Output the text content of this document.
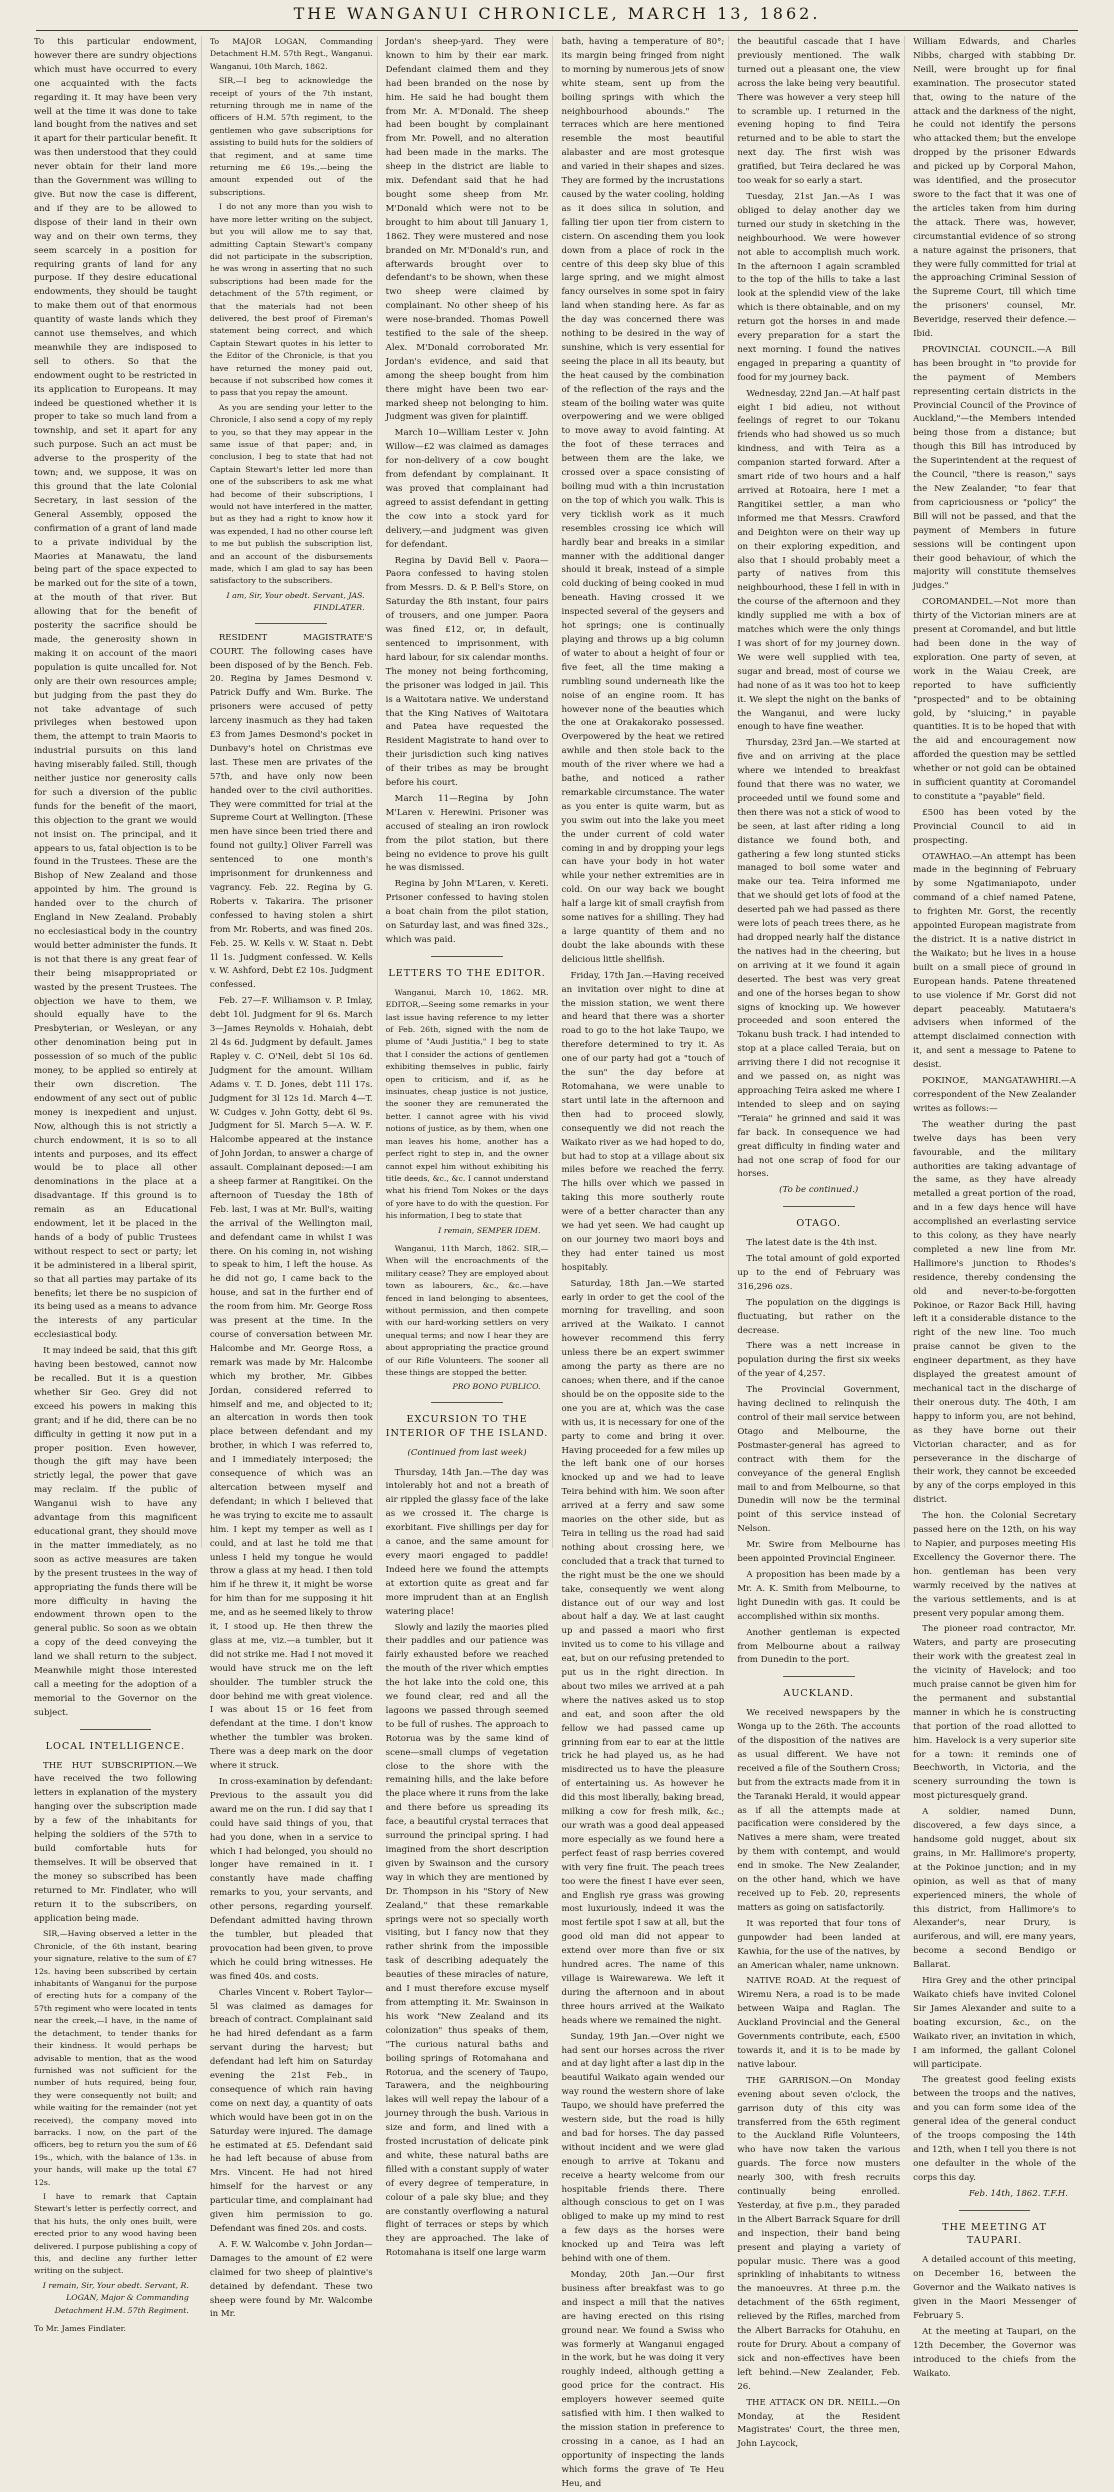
THE WANGANUI CHRONICLE, MARCH 13, 1862.

To this particular endowment, however there are sundry objections which must have occurred to every one acquainted with the facts regarding it. It may have been very well at the time it was done to take land bought from the natives and set it apart for their particular benefit. It was then understood that they could never obtain for their land more than the Government was willing to give. But now the case is different, and if they are to be allowed to dispose of their land in their own way and on their own terms, they seem scarcely in a position for requiring grants of land for any purpose. If they desire educational endowments, they should be taught to make them out of that enormous quantity of waste lands which they cannot use themselves, and which meanwhile they are indisposed to sell to others. So that the endowment ought to be restricted in its application to Europeans. It may indeed be questioned whether it is proper to take so much land from a township, and set it apart for any such purpose. Such an act must be adverse to the prosperity of the town; and, we suppose, it was on this ground that the late Colonial Secretary, in last session of the General Assembly, opposed the confirmation of a grant of land made to a private individual by the Maories at Manawatu, the land being part of the space expected to be marked out for the site of a town, at the mouth of that river. But allowing that for the benefit of posterity the sacrifice should be made, the generosity shown in making it on account of the maori population is quite uncalled for. Not only are their own resources ample; but judging from the past they do not take advantage of such privileges when bestowed upon them, the attempt to train Maoris to industrial pursuits on this land having miserably failed. Still, though neither justice nor generosity calls for such a diversion of the public funds for the benefit of the maori, this objection to the grant we would not insist on. The principal, and it appears to us, fatal objection is to be found in the Trustees. These are the Bishop of New Zealand and those appointed by him. The ground is handed over to the church of England in New Zealand. Probably no ecclesiastical body in the country would better administer the funds. It is not that there is any great fear of their being misappropriated or wasted by the present Trustees. The objection we have to them, we should equally have to the Presbyterian, or Wesleyan, or any other denomination being put in possession of so much of the public money, to be applied so entirely at their own discretion. The endowment of any sect out of public money is inexpedient and unjust. Now, although this is not strictly a church endowment, it is so to all intents and purposes, and its effect would be to place all other denominations in the place at a disadvantage. If this ground is to remain as an Educational endowment, let it be placed in the hands of a body of public Trustees without respect to sect or party; let it be administered in a liberal spirit, so that all parties may partake of its benefits; let there be no suspicion of its being used as a means to advance the interests of any particular ecclesiastical body.

It may indeed be said, that this gift having been bestowed, cannot now be recalled. But it is a question whether Sir Geo. Grey did not exceed his powers in making this grant; and if he did, there can be no difficulty in getting it now put in a proper position. Even however, though the gift may have been strictly legal, the power that gave may reclaim. If the public of Wanganui wish to have any advantage from this magnificent educational grant, they should move in the matter immediately, as no soon as active measures are taken by the present trustees in the way of appropriating the funds there will be more difficulty in having the endowment thrown open to the general public. So soon as we obtain a copy of the deed conveying the land we shall return to the subject. Meanwhile might those interested call a meeting for the adoption of a memorial to the Governor on the subject.

LOCAL INTELLIGENCE.

THE HUT SUBSCRIPTION.—We have received the two following letters in explanation of the mystery hanging over the subscription made by a few of the inhabitants for helping the soldiers of the 57th to build comfortable huts for themselves. It will be observed that the money so subscribed has been returned to Mr. Findlater, who will return it to the subscribers, on application being made.

SIR,—Having observed a letter in the Chronicle, of the 6th instant, bearing your signature, relative to the sum of £7 12s. having been subscribed by certain inhabitants of Wanganui for the purpose of erecting huts for a company of the 57th regiment who were located in tents near the creek,—I have, in the name of the detachment, to tender thanks for their kindness. It would perhaps be advisable to mention, that as the wood furnished was not sufficient for the number of huts required, being four, they were consequently not built; and while waiting for the remainder (not yet received), the company moved into barracks. I now, on the part of the officers, beg to return you the sum of £6 19s., which, with the balance of 13s. in your hands, will make up the total £7 12s.

I have to remark that Captain Stewart's letter is perfectly correct, and that his huts, the only ones built, were erected prior to any wood having been delivered. I purpose publishing a copy of this, and decline any further letter writing on the subject.

I remain, Sir, Your obedt. Servant, R. LOGAN, Major & Commanding Detachment H.M. 57th Regiment.

To Mr. James Findlater.

To MAJOR LOGAN, Commanding Detachment H.M. 57th Regt., Wanganui. Wanganui, 10th March, 1862.

SIR,—I beg to acknowledge the receipt of yours of the 7th instant, returning through me in name of the officers of H.M. 57th regiment, to the gentlemen who gave subscriptions for assisting to build huts for the soldiers of that regiment, and at same time returning me £6 19s.,—being the amount expended out of the subscriptions.

I do not any more than you wish to have more letter writing on the subject, but you will allow me to say that, admitting Captain Stewart's company did not participate in the subscription, he was wrong in asserting that no such subscriptions had been made for the detachment of the 57th regiment, or that the materials had not been delivered, the best proof of Fireman's statement being correct, and which Captain Stewart quotes in his letter to the Editor of the Chronicle, is that you have returned the money paid out, because if not subscribed how comes it to pass that you repay the amount.

As you are sending your letter to the Chronicle, I also send a copy of my reply to you, so that they may appear in the same issue of that paper; and, in conclusion, I beg to state that had not Captain Stewart's letter led more than one of the subscribers to ask me what had become of their subscriptions, I would not have interfered in the matter, but as they had a right to know how it was expended, I had no other course left to me but publish the subscription list, and an account of the disbursements made, which I am glad to say has been satisfactory to the subscribers.

I am, Sir, Your obedt. Servant, JAS. FINDLATER.

RESIDENT MAGISTRATE'S COURT. The following cases have been disposed of by the Bench. Feb. 20. Regina by James Desmond v. Patrick Duffy and Wm. Burke. The prisoners were accused of petty larceny inasmuch as they had taken £3 from James Desmond's pocket in Dunbavy's hotel on Christmas eve last. These men are privates of the 57th, and have only now been handed over to the civil authorities. They were committed for trial at the Supreme Court at Wellington. [These men have since been tried there and found not guilty.] Oliver Farrell was sentenced to one month's imprisonment for drunkenness and vagrancy. Feb. 22. Regina by G. Roberts v. Takarira. The prisoner confessed to having stolen a shirt from Mr. Roberts, and was fined 20s. Feb. 25. W. Kells v. W. Staat n. Debt 1l 1s. Judgment confessed. W. Kells v. W. Ashford, Debt £2 10s. Judgment confessed.

Feb. 27—F. Williamson v. P. Imlay, debt 10l. Judgment for 9l 6s. March 3—James Reynolds v. Hohaiah, debt 2l 4s 6d. Judgment by default. James Rapley v. C. O'Neil, debt 5l 10s 6d. Judgment for the amount. William Adams v. T. D. Jones, debt 11l 17s. Judgment for 3l 12s 1d. March 4—T. W. Cudges v. John Gotty, debt 6l 9s. Judgment for 5l. March 5—A. W. F. Halcombe appeared at the instance of John Jordan, to answer a charge of assault. Complainant deposed:—I am a sheep farmer at Rangitikei. On the afternoon of Tuesday the 18th of Feb. last, I was at Mr. Bull's, waiting the arrival of the Wellington mail, and defendant came in whilst I was there. On his coming in, not wishing to speak to him, I left the house. As he did not go, I came back to the house, and sat in the further end of the room from him. Mr. George Ross was present at the time. In the course of conversation between Mr. Halcombe and Mr. George Ross, a remark was made by Mr. Halcombe which my brother, Mr. Gibbes Jordan, considered referred to himself and me, and objected to it; an altercation in words then took place between defendant and my brother, in which I was referred to, and I immediately interposed; the consequence of which was an altercation between myself and defendant; in which I believed that he was trying to excite me to assault him. I kept my temper as well as I could, and at last he told me that unless I held my tongue he would throw a glass at my head. I then told him if he threw it, it might be worse for him than for me supposing it hit me, and as he seemed likely to throw it, I stood up. He then threw the glass at me, viz.—a tumbler, but it did not strike me. Had I not moved it would have struck me on the left shoulder. The tumbler struck the door behind me with great violence. I was about 15 or 16 feet from defendant at the time. I don't know whether the tumbler was broken. There was a deep mark on the door where it struck.

In cross-examination by defendant: Previous to the assault you did award me on the run. I did say that I could have said things of you, that had you done, when in a service to which I had belonged, you should no longer have remained in it. I constantly have made chaffing remarks to you, your servants, and other persons, regarding yourself. Defendant admitted having thrown the tumbler, but pleaded that provocation had been given, to prove which he could bring witnesses. He was fined 40s. and costs.

Charles Vincent v. Robert Taylor—5l was claimed as damages for breach of contract. Complainant said he had hired defendant as a farm servant during the harvest; but defendant had left him on Saturday evening the 21st Feb., in consequence of which rain having come on next day, a quantity of oats which would have been got in on the Saturday were injured. The damage he estimated at £5. Defendant said he had left because of abuse from Mrs. Vincent. He had not hired himself for the harvest or any particular time, and complainant had given him permission to go. Defendant was fined 20s. and costs.

A. F. W. Walcombe v. John Jordan—Damages to the amount of £2 were claimed for two sheep of plaintive's detained by defendant. These two sheep were found by Mr. Walcombe in Mr.

Jordan's sheep-yard. They were known to him by their ear mark. Defendant claimed them and they had been branded on the nose by him. He said he had bought them from Mr. A. M'Donald. The sheep had been bought by complainant from Mr. Powell, and no alteration had been made in the marks. The sheep in the district are liable to mix. Defendant said that he had bought some sheep from Mr. M'Donald which were not to be brought to him about till January 1, 1862. They were mustered and nose branded on Mr. M'Donald's run, and afterwards brought over to defendant's to be shown, when these two sheep were claimed by complainant. No other sheep of his were nose-branded. Thomas Powell testified to the sale of the sheep. Alex. M'Donald corroborated Mr. Jordan's evidence, and said that among the sheep bought from him there might have been two ear-marked sheep not belonging to him. Judgment was given for plaintiff.

March 10—William Lester v. John Willow—£2 was claimed as damages for non-delivery of a cow bought from defendant by complainant. It was proved that complainant had agreed to assist defendant in getting the cow into a stock yard for delivery,—and judgment was given for defendant.

Regina by David Bell v. Paora—Paora confessed to having stolen from Messrs. D. & P. Bell's Store, on Saturday the 8th instant, four pairs of trousers, and one jumper. Paora was fined £12, or, in default, sentenced to imprisonment, with hard labour, for six calendar months. The money not being forthcoming, the prisoner was lodged in jail. This is a Waitotara native. We understand that the King Natives of Waitotara and Patea have requested the Resident Magistrate to hand over to their jurisdiction such king natives of their tribes as may be brought before his court.

March 11—Regina by John M'Laren v. Herewini. Prisoner was accused of stealing an iron rowlock from the pilot station, but there being no evidence to prove his guilt he was dismissed.

Regina by John M'Laren, v. Kereti. Prisoner confessed to having stolen a boat chain from the pilot station, on Saturday last, and was fined 32s., which was paid.

LETTERS TO THE EDITOR.

Wanganui, March 10, 1862. MR. EDITOR,—Seeing some remarks in your last issue having reference to my letter of Feb. 26th, signed with the nom de plume of "Audi Justitia," I beg to state that I consider the actions of gentlemen exhibiting themselves in public, fairly open to criticism, and if, as he insinuates, cheap justice is not justice, the sooner they are remunerated the better. I cannot agree with his vivid notions of justice, as by them, when one man leaves his home, another has a perfect right to step in, and the owner cannot expel him without exhibiting his title deeds, &c., &c. I cannot understand what his friend Tom Nokes or the days of yore have to do with the question. For his information, I beg to state that

I remain, SEMPER IDEM.

Wanganui, 11th March, 1862. SIR,—When will the encroachments of the military cease? They are employed about town as labourers, &c., &c.—have fenced in land belonging to absentees, without permission, and then compete with our hard-working settlers on very unequal terms; and now I hear they are about appropriating the practice ground of our Rifle Volunteers. The sooner all these things are stopped the better.

PRO BONO PUBLICO.
EXCURSION TO THE INTERIOR OF THE ISLAND.
(Continued from last week)

Thursday, 14th Jan.—The day was intolerably hot and not a breath of air rippled the glassy face of the lake as we crossed it. The charge is exorbitant. Five shillings per day for a canoe, and the same amount for every maori engaged to paddle! Indeed here we found the attempts at extortion quite as great and far more imprudent than at an English watering place!

Slowly and lazily the maories plied their paddles and our patience was fairly exhausted before we reached the mouth of the river which empties the hot lake into the cold one, this we found clear, red and all the lagoons we passed through seemed to be full of rushes. The approach to Rotorua was by the same kind of scene—small clumps of vegetation close to the shore with the remaining hills, and the lake before the place where it runs from the lake and there before us spreading its face, a beautiful crystal terraces that surround the principal spring. I had imagined from the short description given by Swainson and the cursory way in which they are mentioned by Dr. Thompson in his "Story of New Zealand," that these remarkable springs were not so specially worth visiting, but I fancy now that they rather shrink from the impossible task of describing adequately the beauties of these miracles of nature, and I must therefore excuse myself from attempting it. Mr. Swainson in his work "New Zealand and its colonization" thus speaks of them, "The curious natural baths and boiling springs of Rotomahana and Rotorua, and the scenery of Taupo, Tarawera, and the neighbouring lakes will well repay the labour of a journey through the bush. Various in size and form, and lined with a frosted incrustation of delicate pink and white, these natural baths are filled with a constant supply of water of every degree of temperature, in colour of a pale sky blue; and they are constantly overflowing a natural flight of terraces or steps by which they are approached. The lake of Rotomahana is itself one large warm

bath, having a temperature of 80°; its margin being fringed from night to morning by numerous jets of snow white steam, sent up from the boiling springs with which the neighbourhood abounds." The terraces which are here mentioned resemble the most beautiful alabaster and are most grotesque and varied in their shapes and sizes. They are formed by the incrustations caused by the water cooling, holding as it does silica in solution, and falling tier upon tier from cistern to cistern. On ascending them you look down from a place of rock in the centre of this deep sky blue of this large spring, and we might almost fancy ourselves in some spot in fairy land when standing here. As far as the day was concerned there was nothing to be desired in the way of sunshine, which is very essential for seeing the place in all its beauty, but the heat caused by the combination of the reflection of the rays and the steam of the boiling water was quite overpowering and we were obliged to move away to avoid fainting. At the foot of these terraces and between them are the lake, we crossed over a space consisting of boiling mud with a thin incrustation on the top of which you walk. This is very ticklish work as it much resembles crossing ice which will hardly bear and breaks in a similar manner with the additional danger should it break, instead of a simple cold ducking of being cooked in mud beneath. Having crossed it we inspected several of the geysers and hot springs; one is continually playing and throws up a big column of water to about a height of four or five feet, all the time making a rumbling sound underneath like the noise of an engine room. It has however none of the beauties which the one at Orakakorako possessed. Overpowered by the heat we retired awhile and then stole back to the mouth of the river where we had a bathe, and noticed a rather remarkable circumstance. The water as you enter is quite warm, but as you swim out into the lake you meet the under current of cold water coming in and by dropping your legs can have your body in hot water while your nether extremities are in cold. On our way back we bought half a large kit of small crayfish from some natives for a shilling. They had a large quantity of them and no doubt the lake abounds with these delicious little shellfish.

Friday, 17th Jan.—Having received an invitation over night to dine at the mission station, we went there and heard that there was a shorter road to go to the hot lake Taupo, we therefore determined to try it. As one of our party had got a "touch of the sun" the day before at Rotomahana, we were unable to start until late in the afternoon and then had to proceed slowly, consequently we did not reach the Waikato river as we had hoped to do, but had to stop at a village about six miles before we reached the ferry. The hills over which we passed in taking this more southerly route were of a better character than any we had yet seen. We had caught up on our journey two maori boys and they had enter tained us most hospitably.

Saturday, 18th Jan.—We started early in order to get the cool of the morning for travelling, and soon arrived at the Waikato. I cannot however recommend this ferry unless there be an expert swimmer among the party as there are no canoes; when there, and if the canoe should be on the opposite side to the one you are at, which was the case with us, it is necessary for one of the party to come and bring it over. Having proceeded for a few miles up the left bank one of our horses knocked up and we had to leave Teira behind with him. We soon after arrived at a ferry and saw some maories on the other side, but as Teira in telling us the road had said nothing about crossing here, we concluded that a track that turned to the right must be the one we should take, consequently we went along distance out of our way and lost about half a day. We at last caught up and passed a maori who first invited us to come to his village and eat, but on our refusing pretended to put us in the right direction. In about two miles we arrived at a pah where the natives asked us to stop and eat, and soon after the old fellow we had passed came up grinning from ear to ear at the little trick he had played us, as he had misdirected us to have the pleasure of entertaining us. As however he did this most liberally, baking bread, milking a cow for fresh milk, &c.; our wrath was a good deal appeased more especially as we found here a perfect feast of rasp berries covered with very fine fruit. The peach trees too were the finest I have ever seen, and English rye grass was growing most luxuriously, indeed it was the most fertile spot I saw at all, but the good old man did not appear to extend over more than five or six hundred acres. The name of this village is Wairewarewa. We left it during the afternoon and in about three hours arrived at the Waikato heads where we remained the night.

Sunday, 19th Jan.—Over night we had sent our horses across the river and at day light after a last dip in the beautiful Waikato again wended our way round the western shore of lake Taupo, we should have preferred the western side, but the road is hilly and bad for horses. The day passed without incident and we were glad enough to arrive at Tokanu and receive a hearty welcome from our hospitable friends there. There although conscious to get on I was obliged to make up my mind to rest a few days as the horses were knocked up and Teira was left behind with one of them.

Monday, 20th Jan.—Our first business after breakfast was to go and inspect a mill that the natives are having erected on this rising ground near. We found a Swiss who was formerly at Wanganui engaged in the work, but he was doing it very roughly indeed, although getting a good price for the contract. His employers however seemed quite satisfied with him. I then walked to the mission station in preference to crossing in a canoe, as I had an opportunity of inspecting the lands which forms the grave of Te Heu Heu, and

the beautiful cascade that I have previously mentioned. The walk turned out a pleasant one, the view across the lake being very beautiful. There was however a very steep hill to scramble up. I returned in the evening hoping to find Teira returned and to be able to start the next day. The first wish was gratified, but Teira declared he was too weak for so early a start.

Tuesday, 21st Jan.—As I was obliged to delay another day we turned our study in sketching in the neighbourhood. We were however not able to accomplish much work. In the afternoon I again scrambled to the top of the hills to take a last look at the splendid view of the lake which is there obtainable, and on my return got the horses in and made every preparation for a start the next morning. I found the natives engaged in preparing a quantity of food for my journey back.

Wednesday, 22nd Jan.—At half past eight I bid adieu, not without feelings of regret to our Tokanu friends who had showed us so much kindness, and with Teira as a companion started forward. After a smart ride of two hours and a half arrived at Rotoaira, here I met a Rangitikei settler, a man who informed me that Messrs. Crawford and Deighton were on their way up on their exploring expedition, and also that I should probably meet a party of natives from this neighbourhood, these I fell in with in the course of the afternoon and they kindly supplied me with a box of matches which were the only things I was short of for my journey down. We were well supplied with tea, sugar and bread, most of course we had none of as it was too hot to keep it. We slept the night on the banks of the Wanganui, and were lucky enough to have fine weather.

Thursday, 23rd Jan.—We started at five and on arriving at the place where we intended to breakfast found that there was no water, we proceeded until we found some and then there was not a stick of wood to be seen, at last after riding a long distance we found both, and gathering a few long stunted sticks managed to boil some water and make our tea. Teira informed me that we should get lots of food at the deserted pah we had passed as there were lots of peach trees there, as he had dropped nearly half the distance the natives had in the cheering, but on arriving at it we found it again deserted. The best was very great and one of the horses began to show signs of knocking up. We however proceeded and soon entered the Tokanu bush track. I had intended to stop at a place called Teraia, but on arriving there I did not recognise it and we passed on, as night was approaching Teira asked me where I intended to sleep and on saying "Teraia" he grinned and said it was far back. In consequence we had great difficulty in finding water and had not one scrap of food for our horses.

(To be continued.)
OTAGO.

The latest date is the 4th inst.

The total amount of gold exported up to the end of February was 316,296 ozs.

The population on the diggings is fluctuating, but rather on the decrease.

There was a nett increase in population during the first six weeks of the year of 4,257.

The Provincial Government, having declined to relinquish the control of their mail service between Otago and Melbourne, the Postmaster-general has agreed to contract with them for the conveyance of the general English mail to and from Melbourne, so that Dunedin will now be the terminal point of this service instead of Nelson.

Mr. Swire from Melbourne has been appointed Provincial Engineer.

A proposition has been made by a Mr. A. K. Smith from Melbourne, to light Dunedin with gas. It could be accomplished within six months.

Another gentleman is expected from Melbourne about a railway from Dunedin to the port.

AUCKLAND.

We received newspapers by the Wonga up to the 26th. The accounts of the disposition of the natives are as usual different. We have not received a file of the Southern Cross; but from the extracts made from it in the Taranaki Herald, it would appear as if all the attempts made at pacification were considered by the Natives a mere sham, were treated by them with contempt, and would end in smoke. The New Zealander, on the other hand, which we have received up to Feb. 20, represents matters as going on satisfactorily.

It was reported that four tons of gunpowder had been landed at Kawhia, for the use of the natives, by an American whaler, name unknown.

NATIVE ROAD. At the request of Wiremu Nera, a road is to be made between Waipa and Raglan. The Auckland Provincial and the General Governments contribute, each, £500 towards it, and it is to be made by native labour.

THE GARRISON.—On Monday evening about seven o'clock, the garrison duty of this city was transferred from the 65th regiment to the Auckland Rifle Volunteers, who have now taken the various guards. The force now musters nearly 300, with fresh recruits continually being enrolled. Yesterday, at five p.m., they paraded in the Albert Barrack Square for drill and inspection, their band being present and playing a variety of popular music. There was a good sprinkling of inhabitants to witness the manoeuvres. At three p.m. the detachment of the 65th regiment, relieved by the Rifles, marched from the Albert Barracks for Otahuhu, en route for Drury. About a company of sick and non-effectives have been left behind.—New Zealander, Feb. 26.

THE ATTACK ON DR. NEILL.—On Monday, at the Resident Magistrates' Court, the three men, John Laycock,

William Edwards, and Charles Nibbs, charged with stabbing Dr. Neill, were brought up for final examination. The prosecutor stated that, owing to the nature of the attack and the darkness of the night, he could not identify the persons who attacked them; but the envelope dropped by the prisoner Edwards and picked up by Corporal Mahon, was identified, and the prosecutor swore to the fact that it was one of the articles taken from him during the attack. There was, however, circumstantial evidence of so strong a nature against the prisoners, that they were fully committed for trial at the approaching Criminal Session of the Supreme Court, till which time the prisoners' counsel, Mr. Beveridge, reserved their defence.—Ibid.

PROVINCIAL COUNCIL.—A Bill has been brought in "to provide for the payment of Members representing certain districts in the Provincial Council of the Province of Auckland,"—the Members intended being those from a distance; but though this Bill has introduced by the Superintendent at the request of the Council, "there is reason," says the New Zealander, "to fear that from capriciousness or "policy" the Bill will not be passed, and that the payment of Members in future sessions will be contingent upon their good behaviour, of which the majority will constitute themselves judges."

COROMANDEL.—Not more than thirty of the Victorian miners are at present at Coromandel, and but little had been done in the way of exploration. One party of seven, at work in the Waiau Creek, are reported to have sufficiently "prospected" and to be obtaining gold, by "sluicing," in payable quantities. It is to be hoped that with the aid and encouragement now afforded the question may be settled whether or not gold can be obtained in sufficient quantity at Coromandel to constitute a "payable" field.

£500 has been voted by the Provincial Council to aid in prospecting.

OTAWHAO.—An attempt has been made in the beginning of February by some Ngatimaniapoto, under command of a chief named Patene, to frighten Mr. Gorst, the recently appointed European magistrate from the district. It is a native district in the Waikato; but he lives in a house built on a small piece of ground in European hands. Patene threatened to use violence if Mr. Gorst did not depart peaceably. Matutaera's advisers when informed of the attempt disclaimed connection with it, and sent a message to Patene to desist.

POKINOE, MANGATAWHIRI.—A correspondent of the New Zealander writes as follows:—

The weather during the past twelve days has been very favourable, and the military authorities are taking advantage of the same, as they have already metalled a great portion of the road, and in a few days hence will have accomplished an everlasting service to this colony, as they have nearly completed a new line from Mr. Hallimore's junction to Rhodes's residence, thereby condensing the old and never-to-be-forgotten Pokinoe, or Razor Back Hill, having left it a considerable distance to the right of the new line. Too much praise cannot be given to the engineer department, as they have displayed the greatest amount of mechanical tact in the discharge of their onerous duty. The 40th, I am happy to inform you, are not behind, as they have borne out their Victorian character, and as for perseverance in the discharge of their work, they cannot be exceeded by any of the corps employed in this district.

The hon. the Colonial Secretary passed here on the 12th, on his way to Napier, and purposes meeting His Excellency the Governor there. The hon. gentleman has been very warmly received by the natives at the various settlements, and is at present very popular among them.

The pioneer road contractor, Mr. Waters, and party are prosecuting their work with the greatest zeal in the vicinity of Havelock; and too much praise cannot be given him for the permanent and substantial manner in which he is constructing that portion of the road allotted to him. Havelock is a very superior site for a town: it reminds one of Beechworth, in Victoria, and the scenery surrounding the town is most picturesquely grand.

A soldier, named Dunn, discovered, a few days since, a handsome gold nugget, about six grains, in Mr. Hallimore's property, at the Pokinoe junction; and in my opinion, as well as that of many experienced miners, the whole of this district, from Hallimore's to Alexander's, near Drury, is auriferous, and will, ere many years, become a second Bendigo or Ballarat.

Hira Grey and the other principal Waikato chiefs have invited Colonel Sir James Alexander and suite to a boating excursion, &c., on the Waikato river, an invitation in which, I am informed, the gallant Colonel will participate.

The greatest good feeling exists between the troops and the natives, and you can form some idea of the general idea of the general conduct of the troops composing the 14th and 12th, when I tell you there is not one defaulter in the whole of the corps this day.

Feb. 14th, 1862. T.F.H.
THE MEETING AT TAUPARI.

A detailed account of this meeting, on December 16, between the Governor and the Waikato natives is given in the Maori Messenger of February 5.

At the meeting at Taupari, on the 12th December, the Governor was introduced to the chiefs from the Waikato.
